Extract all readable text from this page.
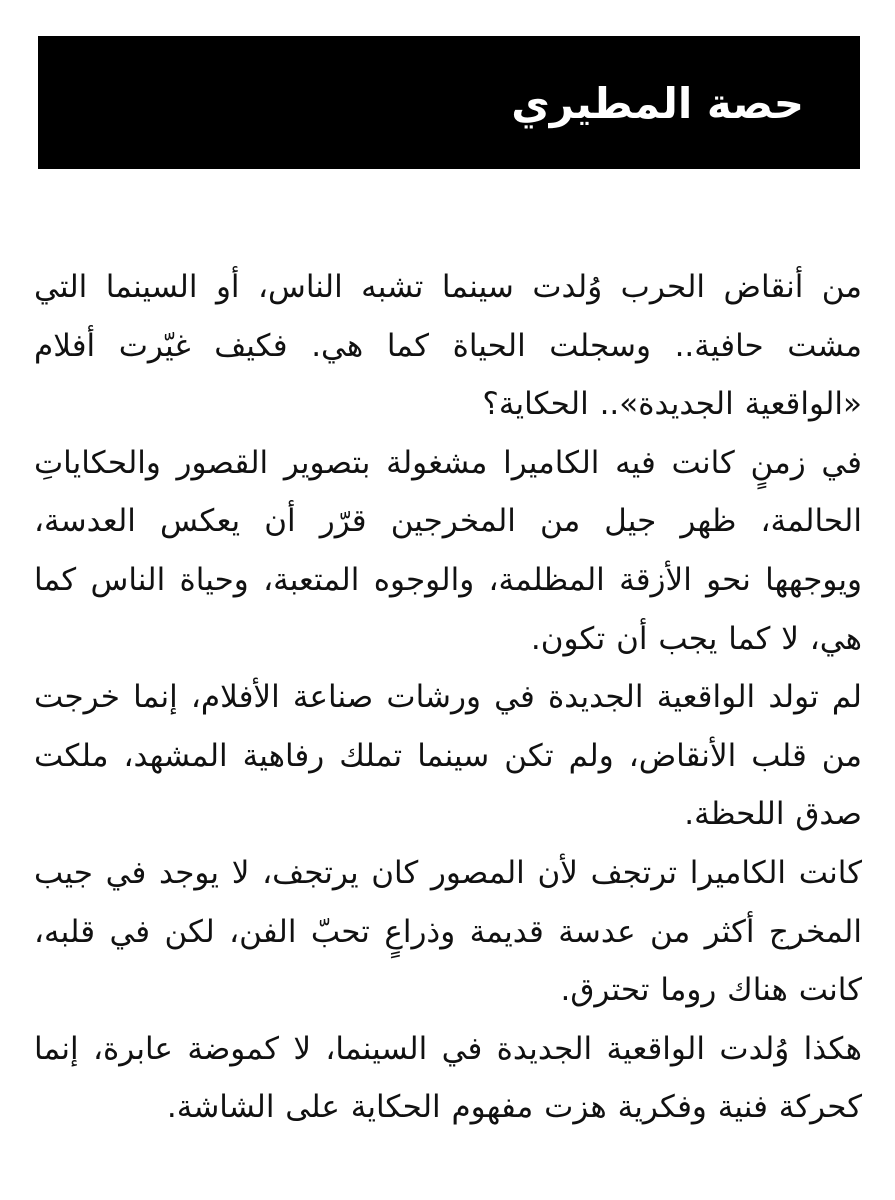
حصة المطيري

من أنقاض الحرب وُلدت سينما تشبه الناس، أو السينما التي مشت حافية.. وسجلت الحياة كما هي. فكيف غيّرت أفلام «الواقعية الجديدة».. الحكاية؟

في زمنٍ كانت فيه الكاميرا مشغولة بتصوير القصور والحكاياتِ الحالمة، ظهر جيل من المخرجين قرّر أن يعكس العدسة، ويوجهها نحو الأزقة المظلمة، والوجوه المتعبة، وحياة الناس كما هي، لا كما يجب أن تكون.

لم تولد الواقعية الجديدة في ورشات صناعة الأفلام، إنما خرجت من قلب الأنقاض، ولم تكن سينما تملك رفاهية المشهد، ملكت صدق اللحظة.

كانت الكاميرا ترتجف لأن المصور كان يرتجف، لا يوجد في جيب المخرج أكثر من عدسة قديمة وذراعٍ تحبّ الفن، لكن في قلبه، كانت هناك روما تحترق.

هكذا وُلدت الواقعية الجديدة في السينما، لا كموضة عابرة، إنما كحركة فنية وفكرية هزت مفهوم الحكاية على الشاشة.
